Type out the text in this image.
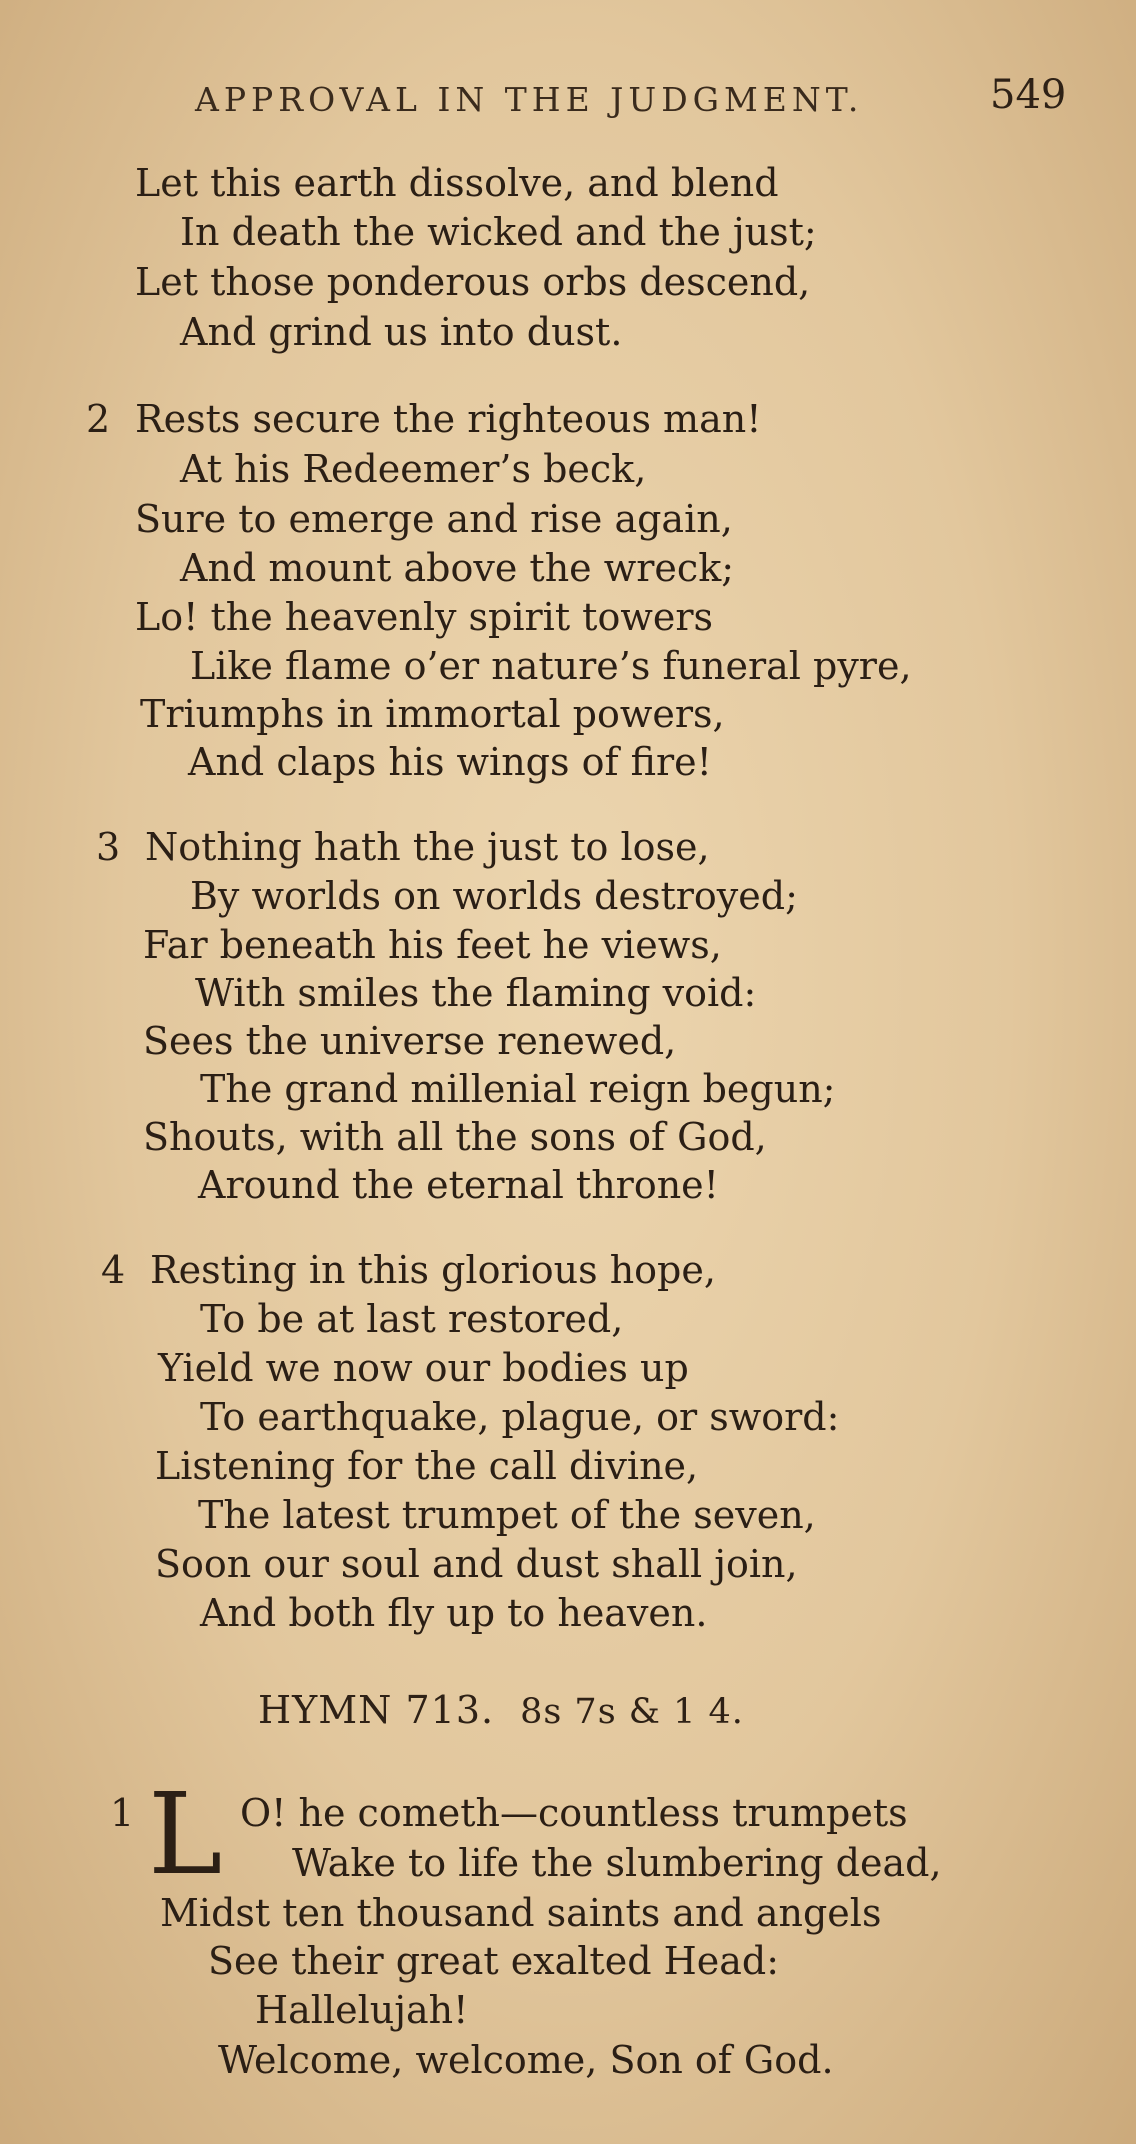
APPROVAL IN THE JUDGMENT.	549
Let this earth dissolve, and blend
In death the wicked and the just;
Let those ponderous orbs descend,
And grind us into dust.
2 Rests secure the righteous man!
At his Redeemer’s beck,
Sure to emerge and rise again,
And mount above the wreck;
Lo! the heavenly spirit towers
Like flame o’er nature’s funeral pyre,
Triumphs in immortal powers,
And claps his wings of fire!
3 Nothing hath the just to lose,
By worlds on worlds destroyed;
Far beneath his feet he views,
With smiles the flaming void:
Sees the universe renewed,
The grand millenial reign begun;
Shouts, with all the sons of God,
Around the eternal throne!
4 Resting in this glorious hope,
To be at last restored,
Yield we now our bodies up
To earthquake, plague, or sword:
Listening for the call divine,
The latest trumpet of the seven,
Soon our soul and dust shall join,
And both fly up to heaven.
HYMN 713. 8s 7s & 1 4.
1 L O! he cometh—countless trumpets
Wake to life the slumbering dead,
Midst ten thousand saints and angels
See their great exalted Head:
Hallelujah!
Welcome, welcome, Son of God.
